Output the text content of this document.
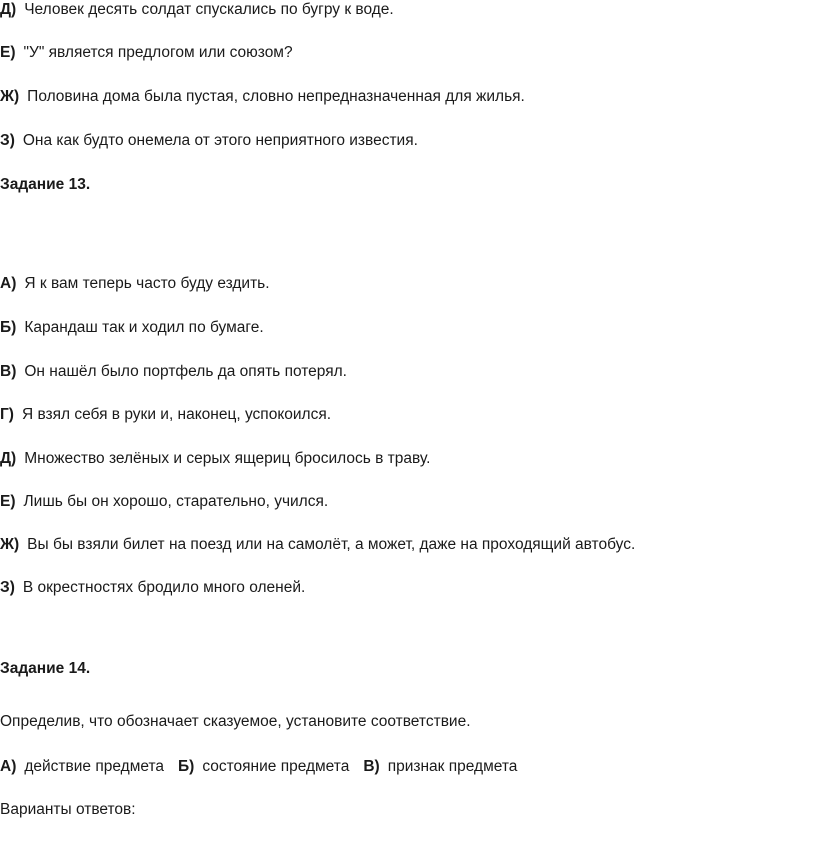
Д) Человек десять солдат спускались по бугру к воде.
Е) "У" является предлогом или союзом?
Ж) Половина дома была пустая, словно непредназначенная для жилья.
З) Она как будто онемела от этого неприятного известия.
Задание 13.
А) Я к вам теперь часто буду ездить.
Б) Карандаш так и ходил по бумаге.
В) Он нашёл было портфель да опять потерял.
Г) Я взял себя в руки и, наконец, успокоился.
Д) Множество зелёных и серых ящериц бросилось в траву.
Е) Лишь бы он хорошо, старательно, учился.
Ж) Вы бы взяли билет на поезд или на самолёт, а может, даже на проходящий автобус.
З) В окрестностях бродило много оленей.
Задание 14.
Определив, что обозначает сказуемое, установите соответствие.
А) действие предмета Б) состояние предмета В) признак предмета
Варианты ответов:
